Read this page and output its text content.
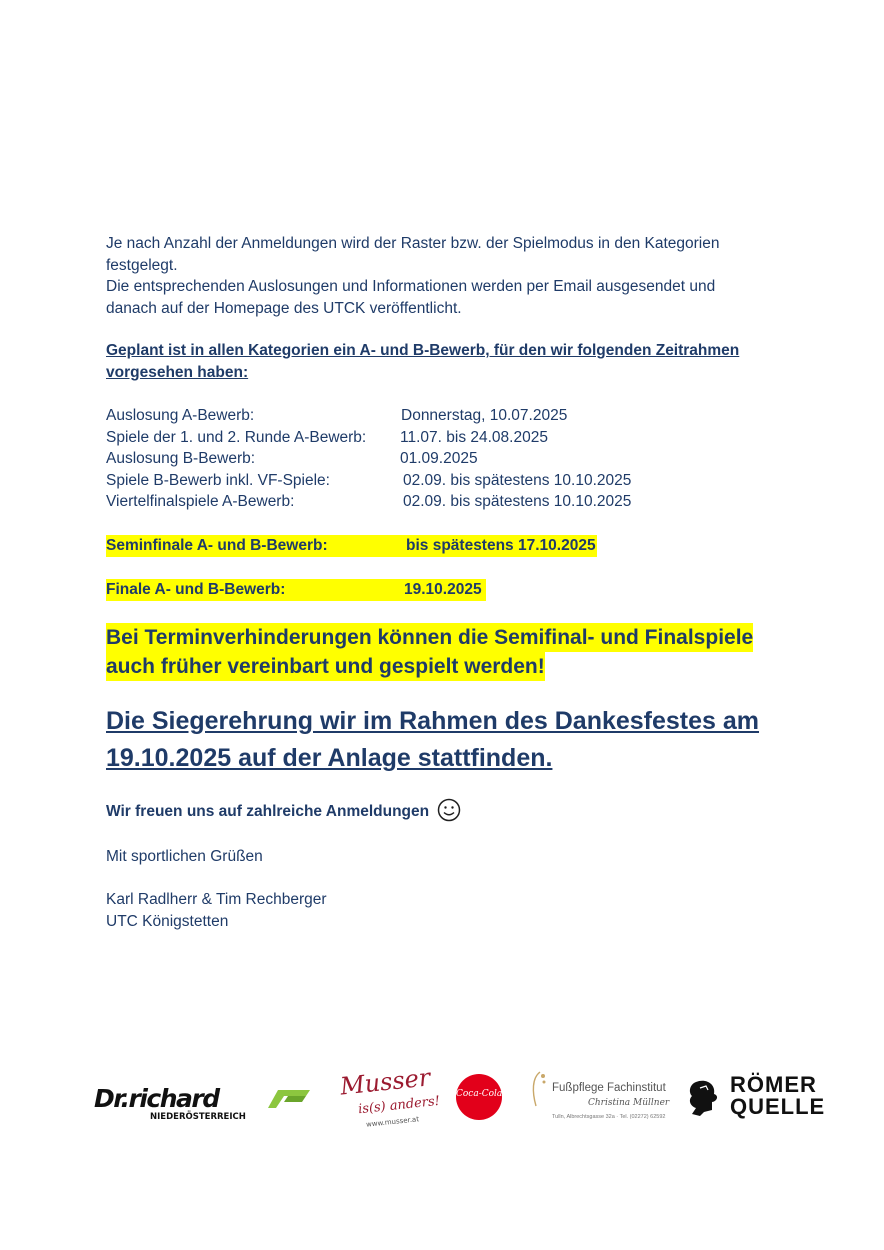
Je nach Anzahl der Anmeldungen wird der Raster bzw. der Spielmodus in den Kategorien
festgelegt.
Die entsprechenden Auslosungen und Informationen werden per Email ausgesendet und
danach auf der Homepage des UTCK veröffentlicht.
Geplant ist in allen Kategorien ein A- und B-Bewerb, für den wir folgenden Zeitrahmen
vorgesehen haben:
Auslosung A-Bewerb:	Donnerstag, 10.07.2025
Spiele der 1. und 2. Runde A-Bewerb: 11.07. bis 24.08.2025
Auslosung B-Bewerb:	01.09.2025
Spiele B-Bewerb inkl. VF-Spiele:	02.09. bis spätestens 10.10.2025
Viertelfinalspiele A-Bewerb:	02.09. bis spätestens 10.10.2025
Seminfinale A- und B-Bewerb:	bis spätestens 17.10.2025
Finale A- und B-Bewerb:	19.10.2025
Bei Terminverhinderungen können die Semifinal- und Finalspiele
auch früher vereinbart und gespielt werden!
Die Siegerehrung wir im Rahmen des Dankesfestes am
19.10.2025 auf der Anlage stattfinden.
Wir freuen uns auf zahlreiche Anmeldungen
Mit sportlichen Grüßen
Karl Radlherr & Tim Rechberger
UTC Königstetten
Dr.richard
NIEDERÖSTERREICH
Musser
is(s) anders!
www.musser.at
Coca-Cola	Fußpflege Fachinstitut
Christina Müllner
Tulln, Albrechtsgasse 32a · Tel. (02272) 62592
RÖMER
QUELLE
